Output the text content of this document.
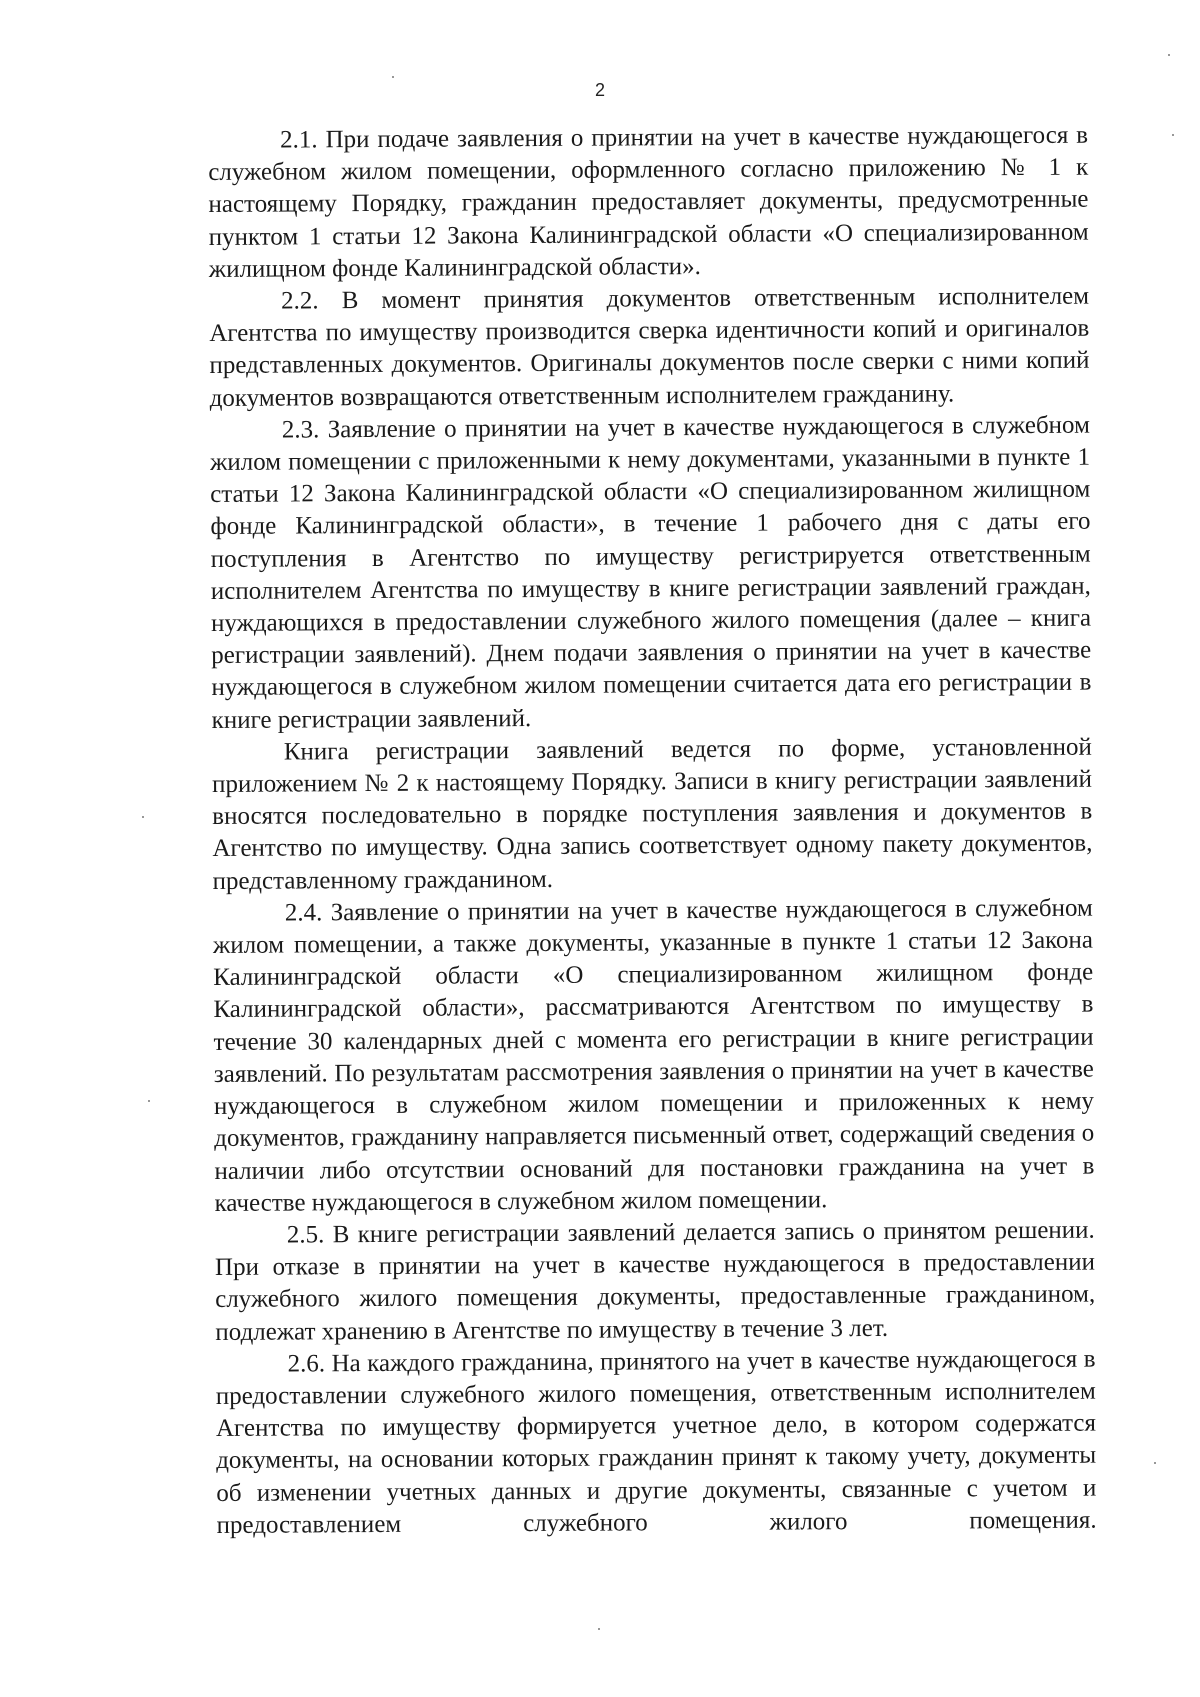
2

2.1. При подаче заявления о принятии на учет в качестве нуждающегося в служебном жилом помещении, оформленного согласно приложению № 1 к настоящему Порядку, гражданин предоставляет документы, предусмотренные пунктом 1 статьи 12 Закона Калининградской области «О специализированном жилищном фонде Калининградской области».

2.2. В момент принятия документов ответственным исполнителем Агентства по имуществу производится сверка идентичности копий и оригиналов представленных документов. Оригиналы документов после сверки с ними копий документов возвращаются ответственным исполнителем гражданину.

2.3. Заявление о принятии на учет в качестве нуждающегося в служебном жилом помещении с приложенными к нему документами, указанными в пункте 1 статьи 12 Закона Калининградской области «О специализированном жилищном фонде Калининградской области», в течение 1 рабочего дня с даты его поступления в Агентство по имуществу регистрируется ответственным исполнителем Агентства по имуществу в книге регистрации заявлений граждан, нуждающихся в предоставлении служебного жилого помещения (далее – книга регистрации заявлений). Днем подачи заявления о принятии на учет в качестве нуждающегося в служебном жилом помещении считается дата его регистрации в книге регистрации заявлений.

Книга регистрации заявлений ведется по форме, установленной приложением № 2 к настоящему Порядку. Записи в книгу регистрации заявлений вносятся последовательно в порядке поступления заявления и документов в Агентство по имуществу. Одна запись соответствует одному пакету документов, представленному гражданином.

2.4. Заявление о принятии на учет в качестве нуждающегося в служебном жилом помещении, а также документы, указанные в пункте 1 статьи 12 Закона Калининградской области «О специализированном жилищном фонде Калининградской области», рассматриваются Агентством по имуществу в течение 30 календарных дней с момента его регистрации в книге регистрации заявлений. По результатам рассмотрения заявления о принятии на учет в качестве нуждающегося в служебном жилом помещении и приложенных к нему документов, гражданину направляется письменный ответ, содержащий сведения о наличии либо отсутствии оснований для постановки гражданина на учет в качестве нуждающегося в служебном жилом помещении.

2.5. В книге регистрации заявлений делается запись о принятом решении. При отказе в принятии на учет в качестве нуждающегося в предоставлении служебного жилого помещения документы, предоставленные гражданином, подлежат хранению в Агентстве по имуществу в течение 3 лет.

2.6. На каждого гражданина, принятого на учет в качестве нуждающегося в предоставлении служебного жилого помещения, ответственным исполнителем Агентства по имуществу формируется учетное дело, в котором содержатся документы, на основании которых гражданин принят к такому учету, документы об изменении учетных данных и другие документы, связанные с учетом и предоставлением служебного жилого помещения.
